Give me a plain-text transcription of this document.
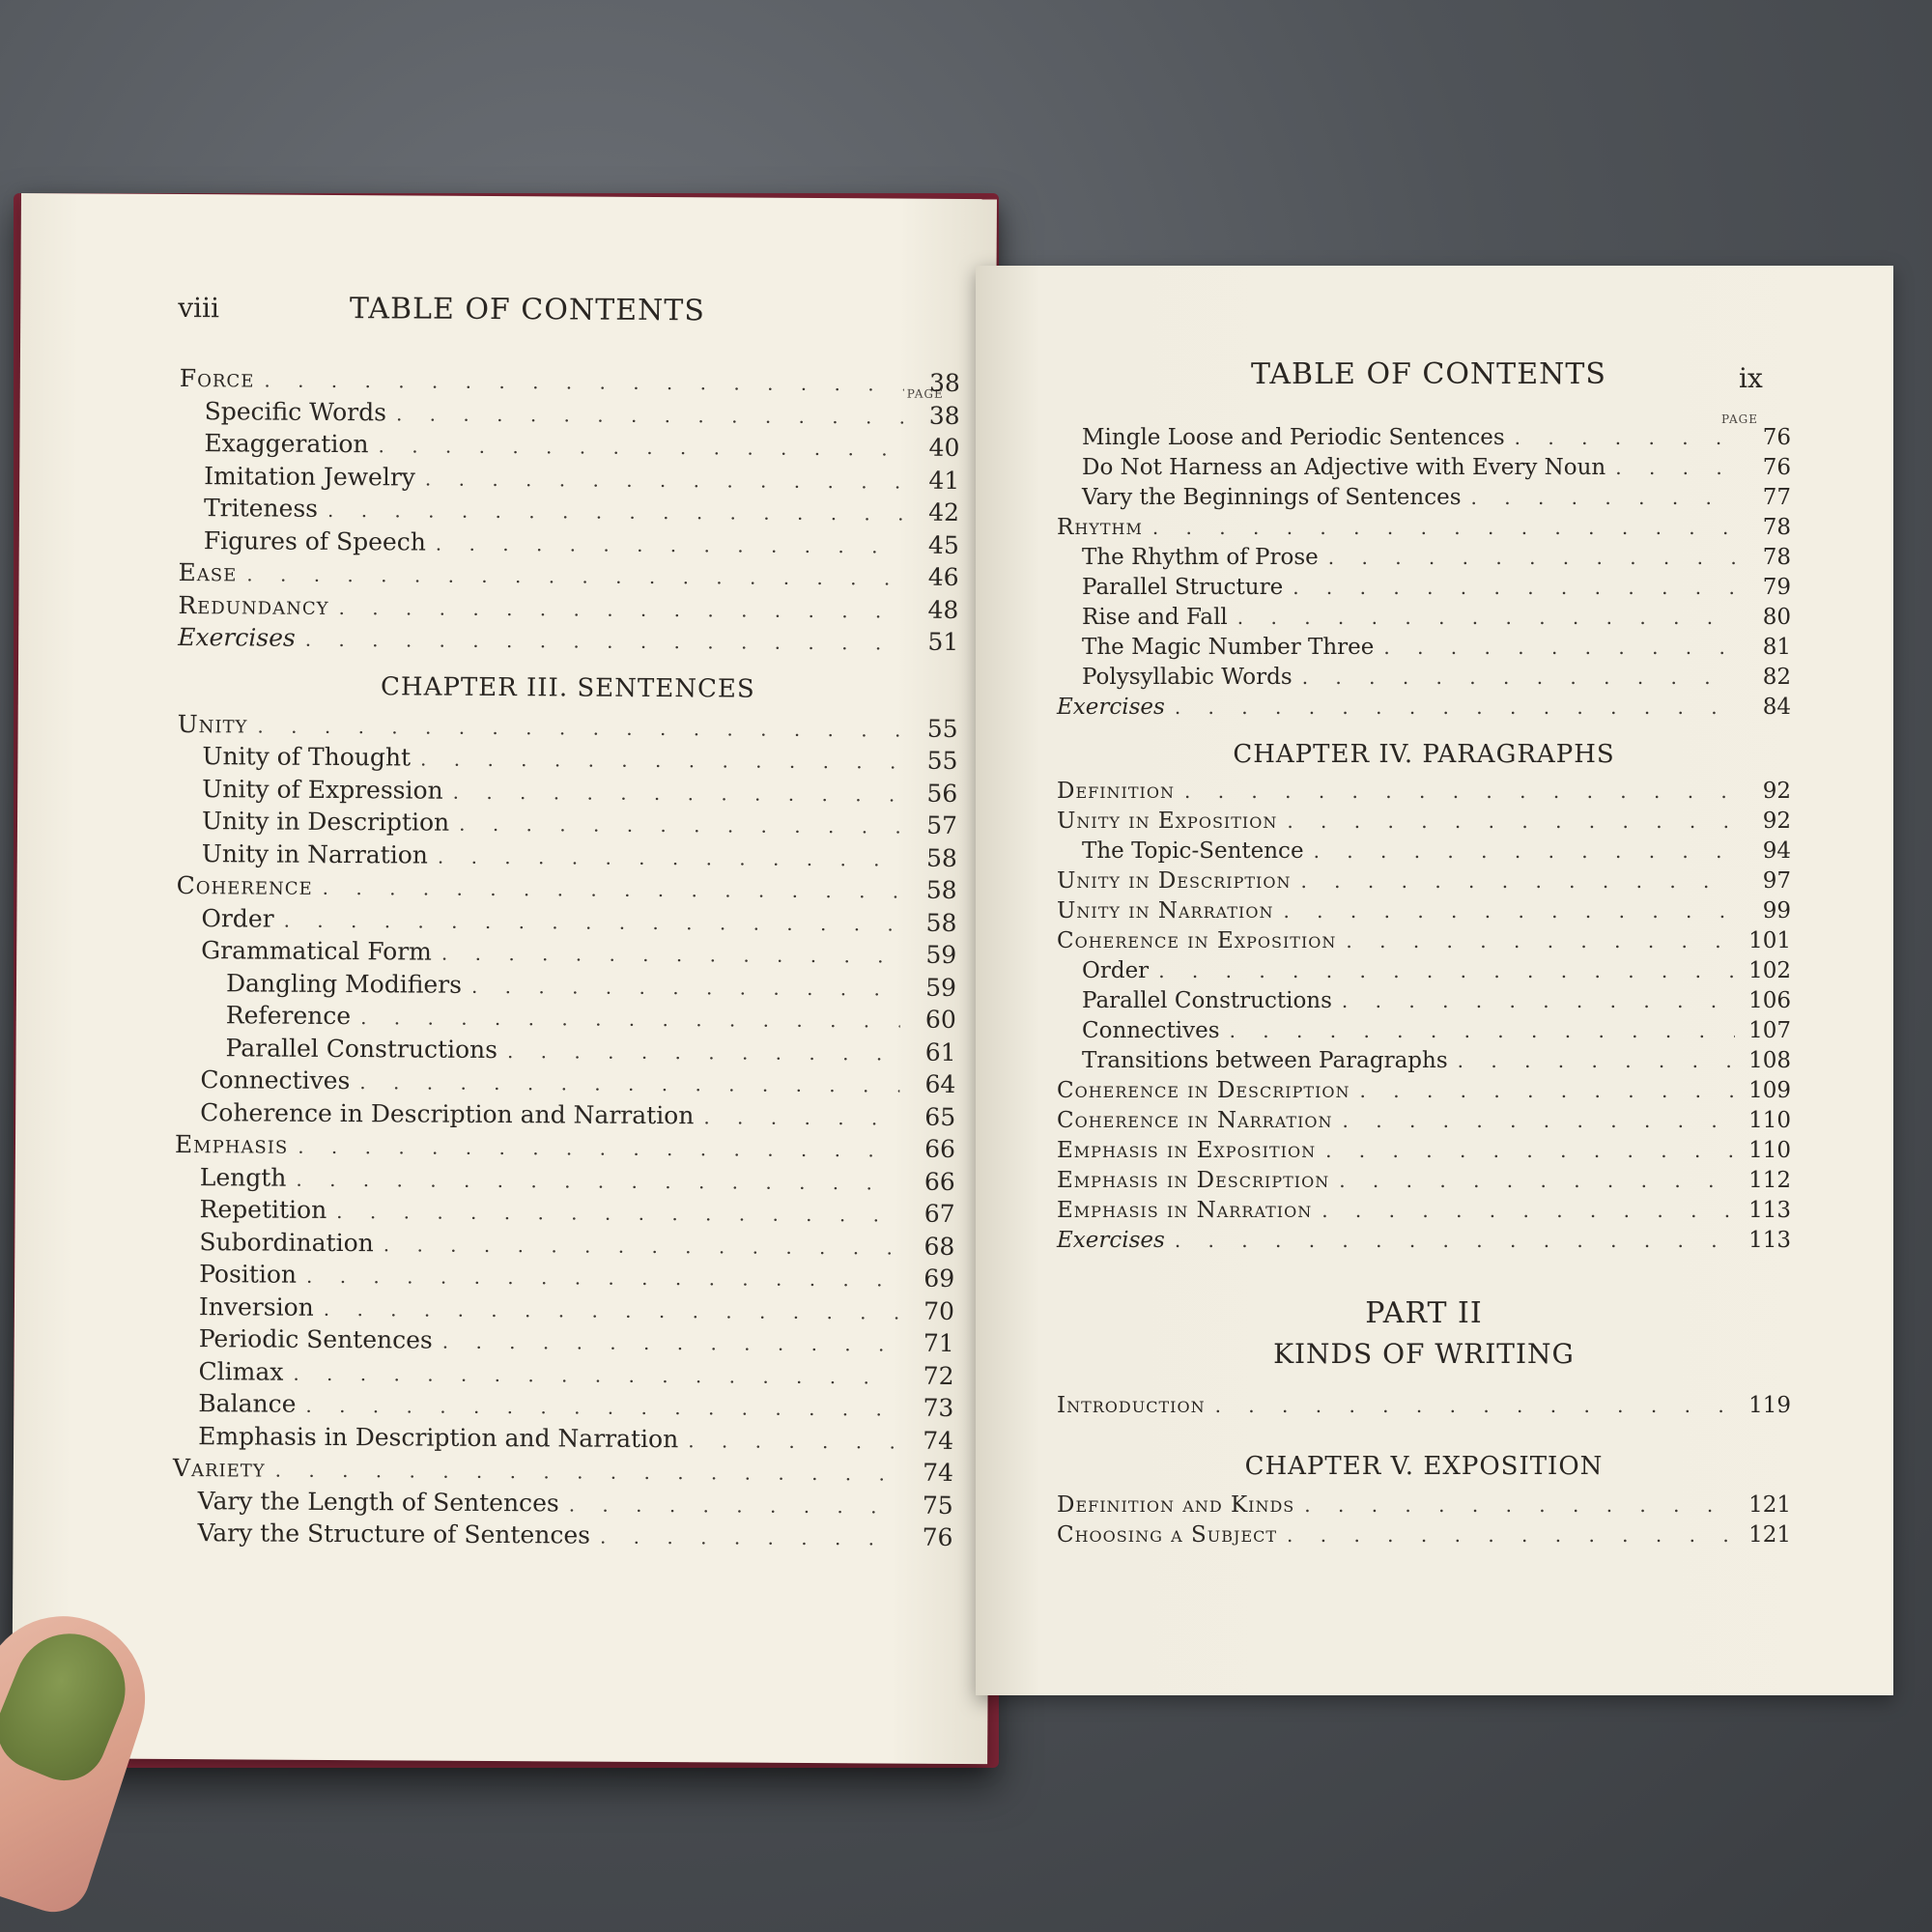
viii	TABLE OF CONTENTS
PAGE
Force . . .	38
Specific Words . . .	38
Exaggeration . . .	40
Imitation Jewelry . . .	41
Triteness . . .	42
Figures of Speech . . .	45
Ease . . .	46
Redundancy . . .	48
Exercises . . .	51
CHAPTER III. SENTENCES
Unity . . .	55
Unity of Thought . . .	55
Unity of Expression . . .	56
Unity in Description . . .	57
Unity in Narration . . .	58
Coherence . . .	58
Order . . .	58
Grammatical Form . . .	59
Dangling Modifiers . . .	59
Reference . . .	60
Parallel Constructions . . .	61
Connectives . . .	64
Coherence in Description and Narration . . .	65
Emphasis . . .	66
Length . . .	66
Repetition . . .	67
Subordination . . .	68
Position . . .	69
Inversion . . .	70
Periodic Sentences . . .	71
Climax . . .	72
Balance . . .	73
Emphasis in Description and Narration . . .	74
Variety . . .	74
Vary the Length of Sentences . . .	75
Vary the Structure of Sentences . . .	76
TABLE OF CONTENTS	ix
PAGE
Mingle Loose and Periodic Sentences . . .	76
Do Not Harness an Adjective with Every Noun . . .	76
Vary the Beginnings of Sentences . . .	77
Rhythm . . .	78
The Rhythm of Prose . . .	78
Parallel Structure . . .	79
Rise and Fall . . .	80
The Magic Number Three . . .	81
Polysyllabic Words . . .	82
Exercises . . .	84
CHAPTER IV. PARAGRAPHS
Definition . . .	92
Unity in Exposition . . .	92
The Topic-Sentence . . .	94
Unity in Description . . .	97
Unity in Narration . . .	99
Coherence in Exposition . . .	101
Order . . .	102
Parallel Constructions . . .	106
Connectives . . .	107
Transitions between Paragraphs . . .	108
Coherence in Description . . .	109
Coherence in Narration . . .	110
Emphasis in Exposition . . .	110
Emphasis in Description . . .	112
Emphasis in Narration . . .	113
Exercises . . .	113
PART II
KINDS OF WRITING
Introduction . . .	119
CHAPTER V. EXPOSITION
Definition and Kinds . . .	121
Choosing a Subject . . .	121
